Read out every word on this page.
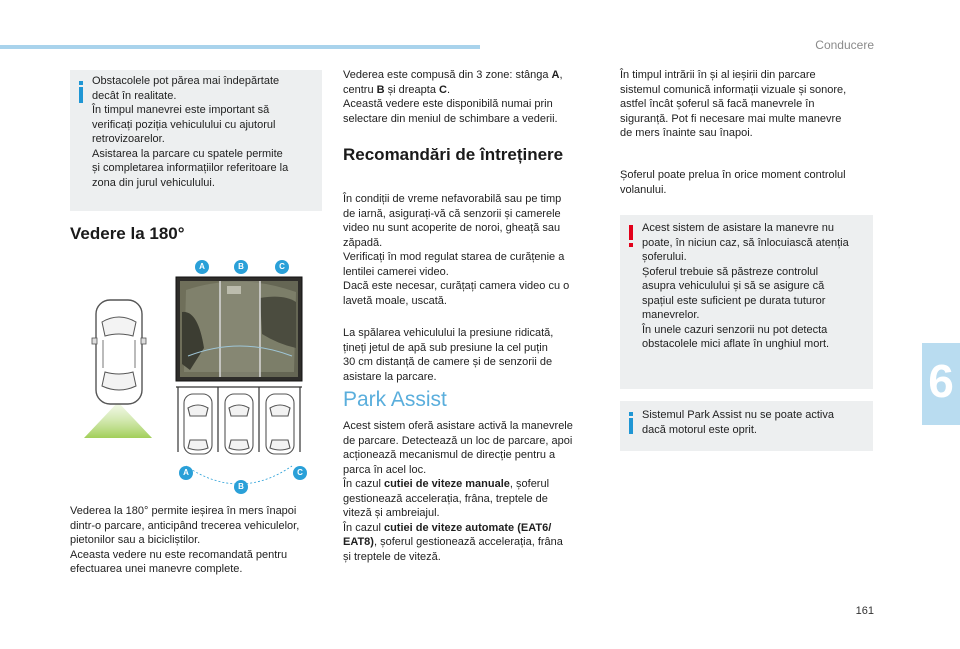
Conducere
6
161

Obstacolele pot părea mai îndepărtate

decât în realitate.

În timpul manevrei este important să

verificați poziția vehiculului cu ajutorul

retrovizoarelor.

Asistarea la parcare cu spatele permite

și completarea informațiilor referitoare la

zona din jurul vehiculului.

Vedere la 180°
A	B	C
A
B
C

Vederea la 180° permite ieșirea în mers înapoi

dintr-o parcare, anticipând trecerea vehiculelor,

pietonilor sau a bicicliștilor.

Aceasta vedere nu este recomandată pentru

efectuarea unei manevre complete.

Vederea este compusă din 3 zone: stânga A,

centru B și dreapta C.

Această vedere este disponibilă numai prin

selectare din meniul de schimbare a vederii.

Recomandări de întreținere

În condiții de vreme nefavorabilă sau pe timp

de iarnă, asigurați-vă că senzorii și camerele

video nu sunt acoperite de noroi, gheață sau

zăpadă.

Verificați în mod regulat starea de curățenie a

lentilei camerei video.

Dacă este necesar, curățați camera video cu o

lavetă moale, uscată.

La spălarea vehiculului la presiune ridicată,

țineți jetul de apă sub presiune la cel puțin

30 cm distanță de camere și de senzorii de

asistare la parcare.

Park Assist

Acest sistem oferă asistare activă la manevrele

de parcare. Detectează un loc de parcare, apoi

acționează mecanismul de direcție pentru a

parca în acel loc.

În cazul cutiei de viteze manuale, șoferul

gestionează accelerația, frâna, treptele de

viteză și ambreiajul.

În cazul cutiei de viteze automate (EAT6/

EAT8), șoferul gestionează accelerația, frâna

și treptele de viteză.

În timpul intrării în și al ieșirii din parcare

sistemul comunică informații vizuale și sonore,

astfel încât șoferul să facă manevrele în

siguranță. Pot fi necesare mai multe manevre

de mers înainte sau înapoi.

Șoferul poate prelua în orice moment controlul

volanului.

Acest sistem de asistare la manevre nu

poate, în niciun caz, să înlocuiască atenția

șoferului.

Șoferul trebuie să păstreze controlul

asupra vehiculului și să se asigure că

spațiul este suficient pe durata tuturor

manevrelor.

În unele cazuri senzorii nu pot detecta

obstacolele mici aflate în unghiul mort.

Sistemul Park Assist nu se poate activa

dacă motorul este oprit.
